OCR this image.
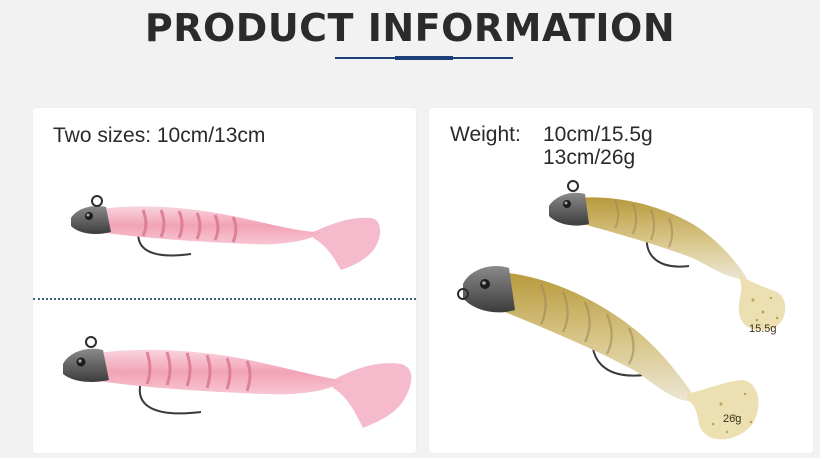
PRODUCT INFORMATION
Two sizes: 10cm/13cm	Weight: 10cm/15.5g
13cm/26g
15.5g
26g
